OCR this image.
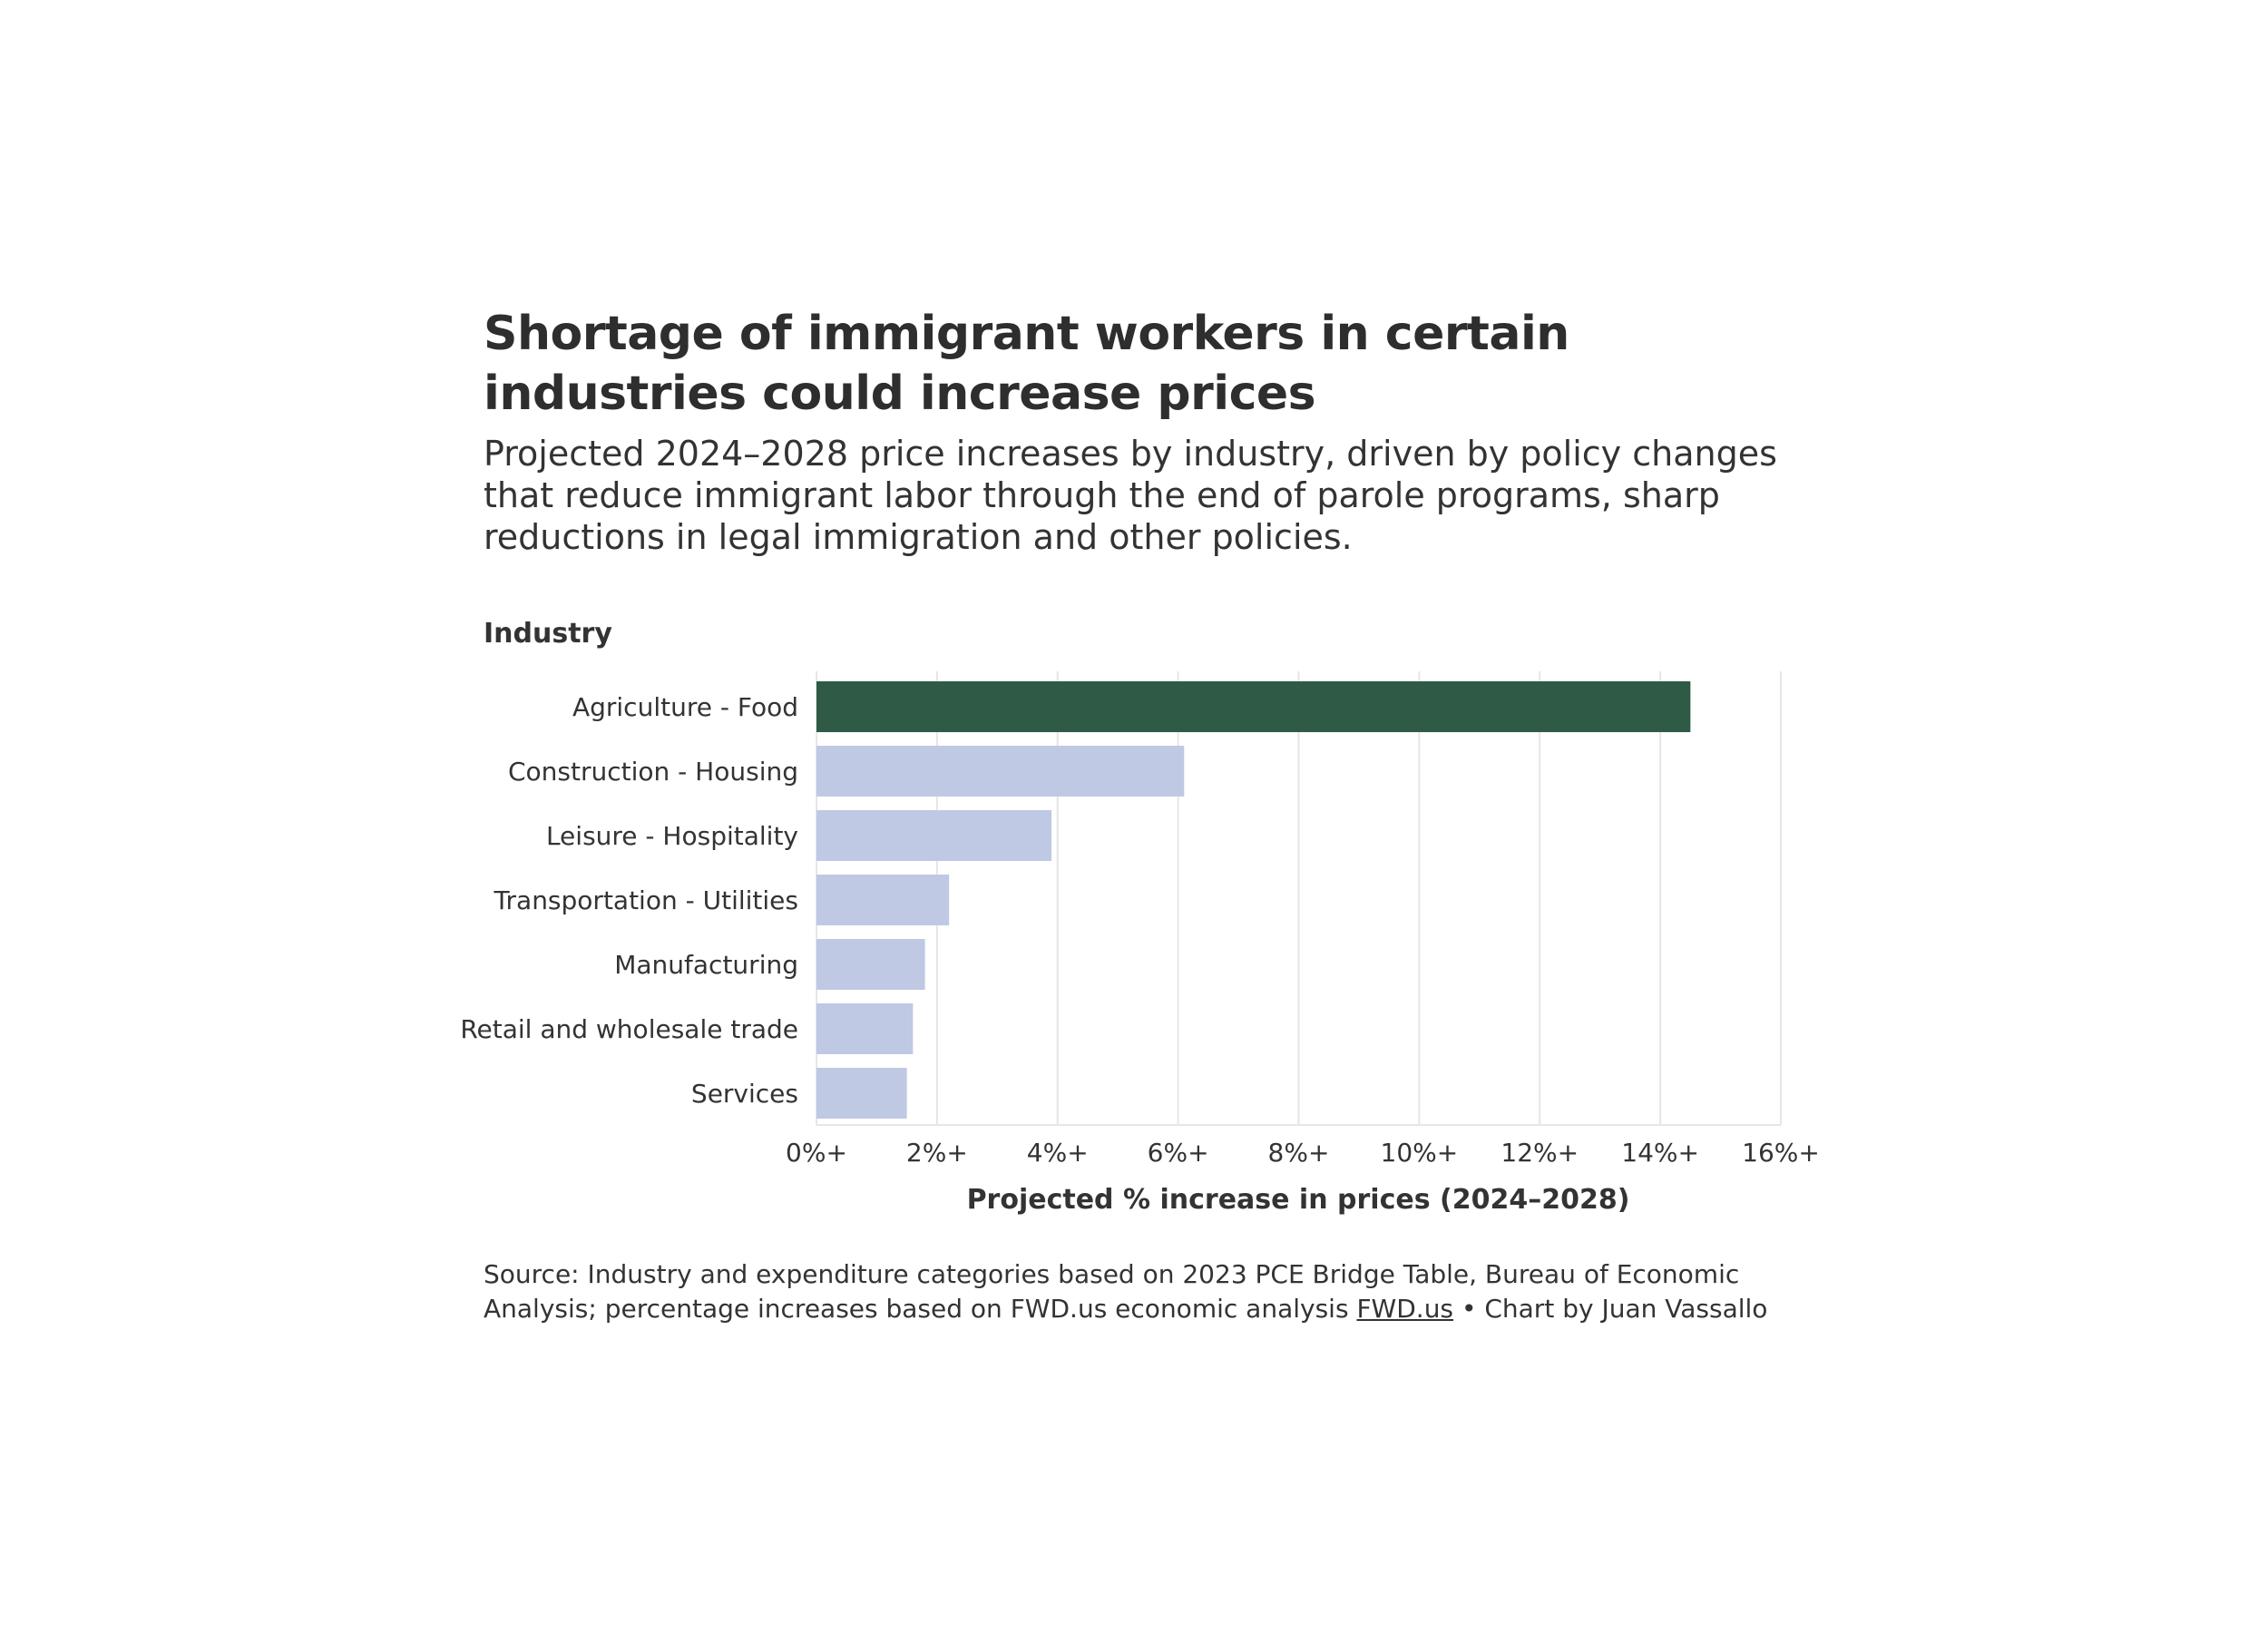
Shortage of immigrant workers in certain industries could increase prices

Projected 2024–2028 price increases by industry, driven by policy changes that reduce immigrant labor through the end of parole programs, sharp reductions in legal immigration and other policies.

Industry
Agriculture - Food
Construction - Housing
Leisure - Hospitality
Transportation - Utilities
Manufacturing
Retail and wholesale trade
Services
0%+ 2%+ 4%+ 6%+ 8%+ 10%+ 12%+ 14%+ 16%+
Projected % increase in prices (2024–2028)
Source: Industry and expenditure categories based on 2023 PCE Bridge Table, Bureau of Economic Analysis; percentage increases based on FWD.us economic analysis FWD.us • Chart by Juan Vassallo
